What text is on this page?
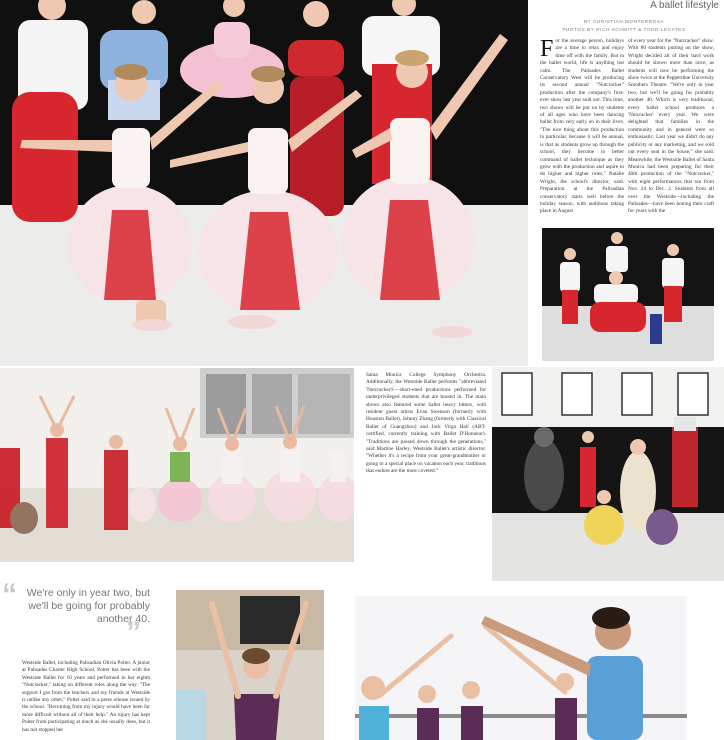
A ballet lifestyle
BY CHRISTIAN MONTERROSA
PHOTOS BY RICH SCHMITT & TODD LECATES

For the average person, holidays are a time to relax and enjoy time off with the family. But in the ballet world, life is anything but calm. The Palisades Ballet Conservatory West will be producing its second annual "Nutcracker" production after the company's first-ever show last year sold out. This time, two shows will be put on by students of all ages who have been dancing ballet from very early on in their lives. "The nice thing about this production in particular, because it will be annual, is that as students grow up through the school, they become in better command of ballet technique as they grow with the production and aspire to do higher and higher roles," Natalie Wright, the school's director, said. Preparation at the Palisadian conservatory starts well before the holiday season, with auditions taking place in August

of every year for the "Nutcracker" show. With 80 students putting on the show, Wright decided all of their hard work should be shown more than once, as students will now be performing the show twice at the Pepperdine University Smothers Theatre. "We're only in year two, but we'll be going for probably another 40. Which is very traditional, every ballet school produces a 'Nutcracker' every year. We were delighted that families in the community and in general were so enthusiastic. Last year we didn't do any publicity or any marketing, and we sold out every seat in the house," she said. Meanwhile, the Westside Ballet of Santa Monica had been preparing for their 40th production of the "Nutcracker," with eight performances that ran from Nov. 24 to Dec. 2. Students from all over the Westside—including the Palisades—have been honing their craft for years with the

Santa Monica College Symphony Orchestra. Additionally, the Westside Ballet performs "abbreviated 'Nutcracker's'—short-ened productions performed for underprivileged students that are bussed in. The main shows also featured some ballet heavy hitters, with resident guest artists Evan Swenson (formerly with Houston Ballet), Johnny Zhang (formerly with Classical Ballet of Guangzhou) and Jack Virga Hall (ABT-certified, currently training with Ballet D'Honneur). "Traditions are passed down through the generations," said Martine Harley, Westside Ballet's artistic director. "Whether it's a recipe from your great-grandmother or going to a special place on vacation each year, traditions that endure are the most coveted."

“ We're only in year two, but we'll be going for probably another 40.
”

Westside Ballet, including Palisadian Olivia Polter. A junior at Palisades Charter High School, Polter has been with the Westside Ballet for 10 years and performed in her eighth "Nutcracker," taking on different roles along the way. "The support I got from the teachers and my friends at Westside is unlike any other," Polter said in a press release issued by the school. "Becoming from my injury would have been far more difficult without all of their help." An injury has kept Polter from participating at much as she usually does, but it has not stopped her
